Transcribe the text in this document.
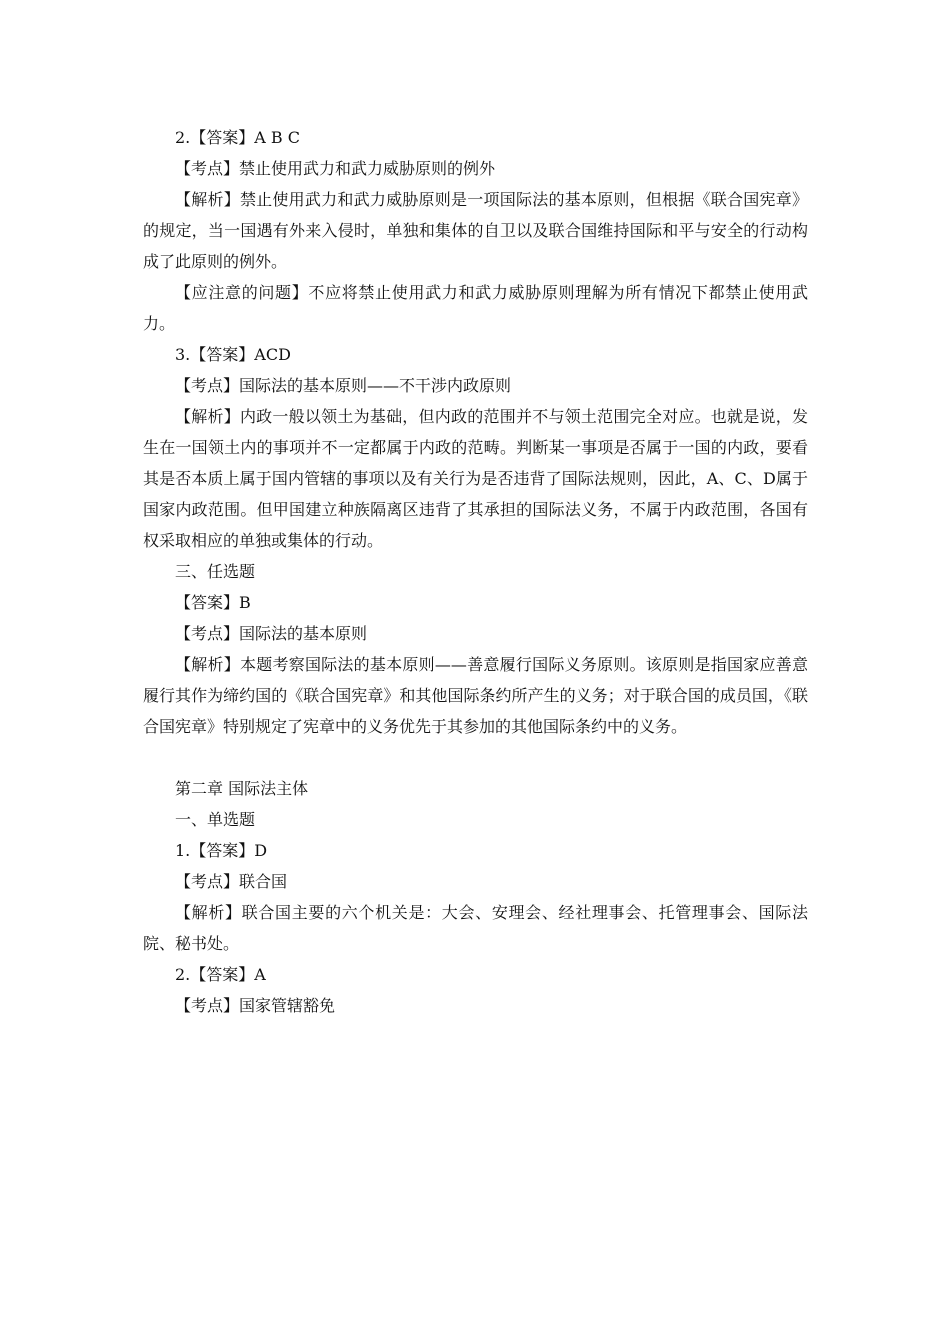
2.【答案】A B C

【考点】禁止使用武力和武力威胁原则的例外

【解析】禁止使用武力和武力威胁原则是一项国际法的基本原则，但根据《联合国宪章》的规定，当一国遇有外来入侵时，单独和集体的自卫以及联合国维持国际和平与安全的行动构成了此原则的例外。

【应注意的问题】不应将禁止使用武力和武力威胁原则理解为所有情况下都禁止使用武力。

3.【答案】ACD

【考点】国际法的基本原则——不干涉内政原则

【解析】内政一般以领土为基础，但内政的范围并不与领土范围完全对应。也就是说，发生在一国领土内的事项并不一定都属于内政的范畴。判断某一事项是否属于一国的内政，要看其是否本质上属于国内管辖的事项以及有关行为是否违背了国际法规则，因此，A、C、D属于国家内政范围。但甲国建立种族隔离区违背了其承担的国际法义务，不属于内政范围，各国有权采取相应的单独或集体的行动。

三、任选题

【答案】B

【考点】国际法的基本原则

【解析】本题考察国际法的基本原则——善意履行国际义务原则。该原则是指国家应善意履行其作为缔约国的《联合国宪章》和其他国际条约所产生的义务；对于联合国的成员国，《联合国宪章》特别规定了宪章中的义务优先于其参加的其他国际条约中的义务。

第二章 国际法主体

一、单选题

1.【答案】D

【考点】联合国

【解析】联合国主要的六个机关是：大会、安理会、经社理事会、托管理事会、国际法院、秘书处。

2.【答案】A

【考点】国家管辖豁免
